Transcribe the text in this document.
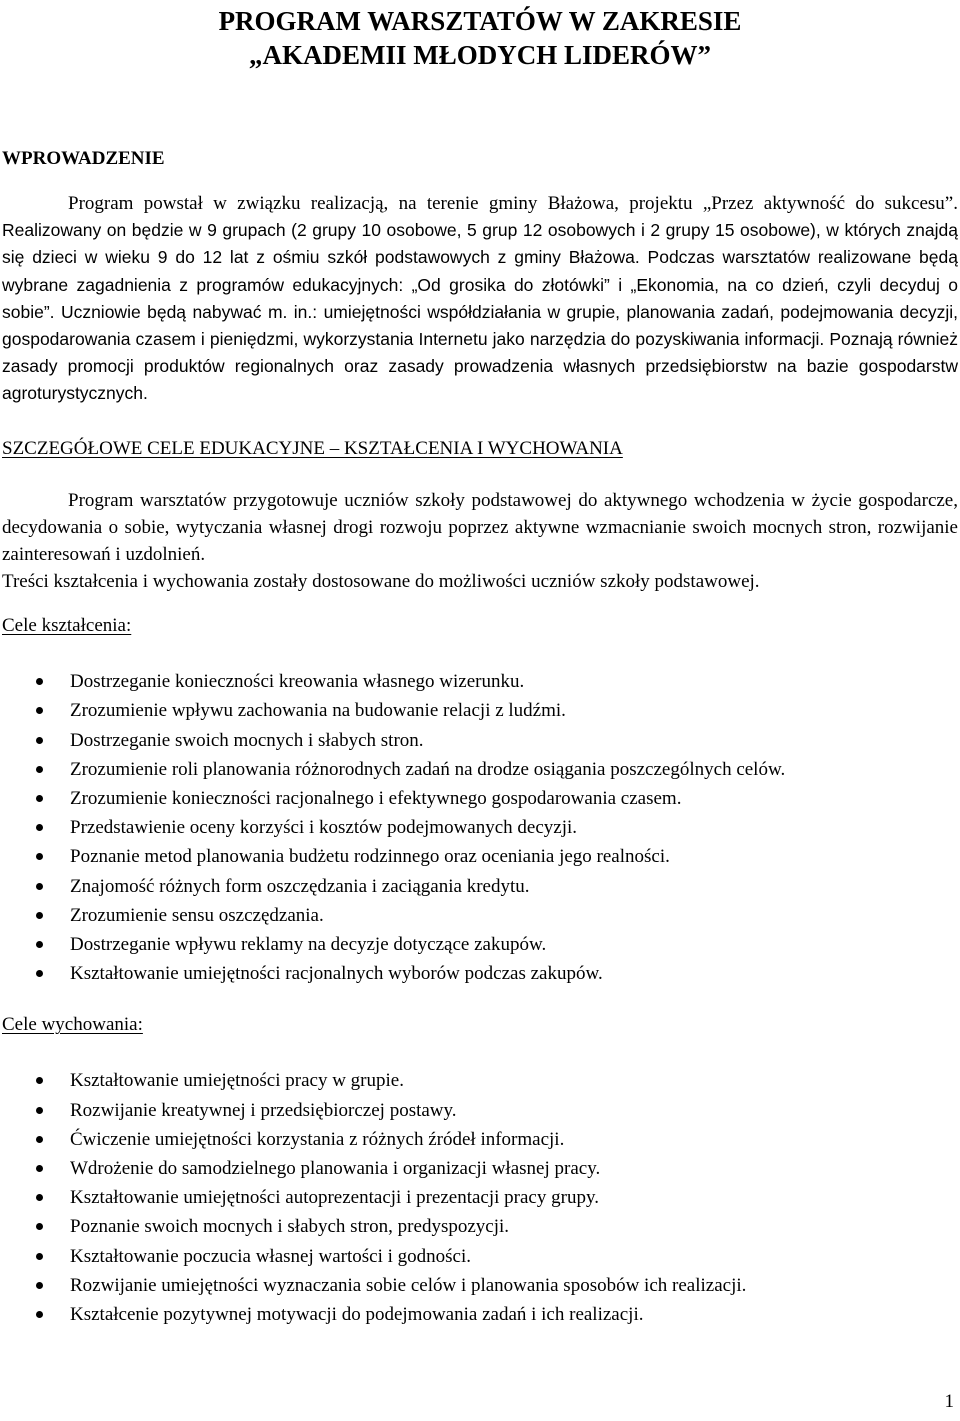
PROGRAM WARSZTATÓW W ZAKRESIE
„AKADEMII MŁODYCH LIDERÓW”
WPROWADZENIE

Program powstał w związku realizacją, na terenie gminy Błażowa, projektu „Przez aktywność do sukcesu”. Realizowany on będzie w 9 grupach (2 grupy 10 osobowe, 5 grup 12 osobowych i 2 grupy 15 osobowe), w których znajdą się dzieci w wieku 9 do 12 lat z ośmiu szkół podstawowych z gminy Błażowa. Podczas warsztatów realizowane będą wybrane zagadnienia z programów edukacyjnych: „Od grosika do złotówki” i „Ekonomia, na co dzień, czyli decyduj o sobie”. Uczniowie będą nabywać m. in.: umiejętności współdziałania w grupie, planowania zadań, podejmowania decyzji, gospodarowania czasem i pieniędzmi, wykorzystania Internetu jako narzędzia do pozyskiwania informacji. Poznają również zasady promocji produktów regionalnych oraz zasady prowadzenia własnych przedsiębiorstw na bazie gospodarstw agroturystycznych.

SZCZEGÓŁOWE CELE EDUKACYJNE – KSZTAŁCENIA I WYCHOWANIA

Program warsztatów przygotowuje uczniów szkoły podstawowej do aktywnego wchodzenia w życie gospodarcze, decydowania o sobie, wytyczania własnej drogi rozwoju poprzez aktywne wzmacnianie swoich mocnych stron, rozwijanie zainteresowań i uzdolnień.

Treści kształcenia i wychowania zostały dostosowane do możliwości uczniów szkoły podstawowej.

Cele kształcenia:
Dostrzeganie konieczności kreowania własnego wizerunku.
Zrozumienie wpływu zachowania na budowanie relacji z ludźmi.
Dostrzeganie swoich mocnych i słabych stron.
Zrozumienie roli planowania różnorodnych zadań na drodze osiągania poszczególnych celów.
Zrozumienie konieczności racjonalnego i efektywnego gospodarowania czasem.
Przedstawienie oceny korzyści i kosztów podejmowanych decyzji.
Poznanie metod planowania budżetu rodzinnego oraz oceniania jego realności.
Znajomość różnych form oszczędzania i zaciągania kredytu.
Zrozumienie sensu oszczędzania.
Dostrzeganie wpływu reklamy na decyzje dotyczące zakupów.
Kształtowanie umiejętności racjonalnych wyborów podczas zakupów.
Cele wychowania:
Kształtowanie umiejętności pracy w grupie.
Rozwijanie kreatywnej i przedsiębiorczej postawy.
Ćwiczenie umiejętności korzystania z różnych źródeł informacji.
Wdrożenie do samodzielnego planowania i organizacji własnej pracy.
Kształtowanie umiejętności autoprezentacji i prezentacji pracy grupy.
Poznanie swoich mocnych i słabych stron, predyspozycji.
Kształtowanie poczucia własnej wartości i godności.
Rozwijanie umiejętności wyznaczania sobie celów i planowania sposobów ich realizacji.
Kształcenie pozytywnej motywacji do podejmowania zadań i ich realizacji.
1
